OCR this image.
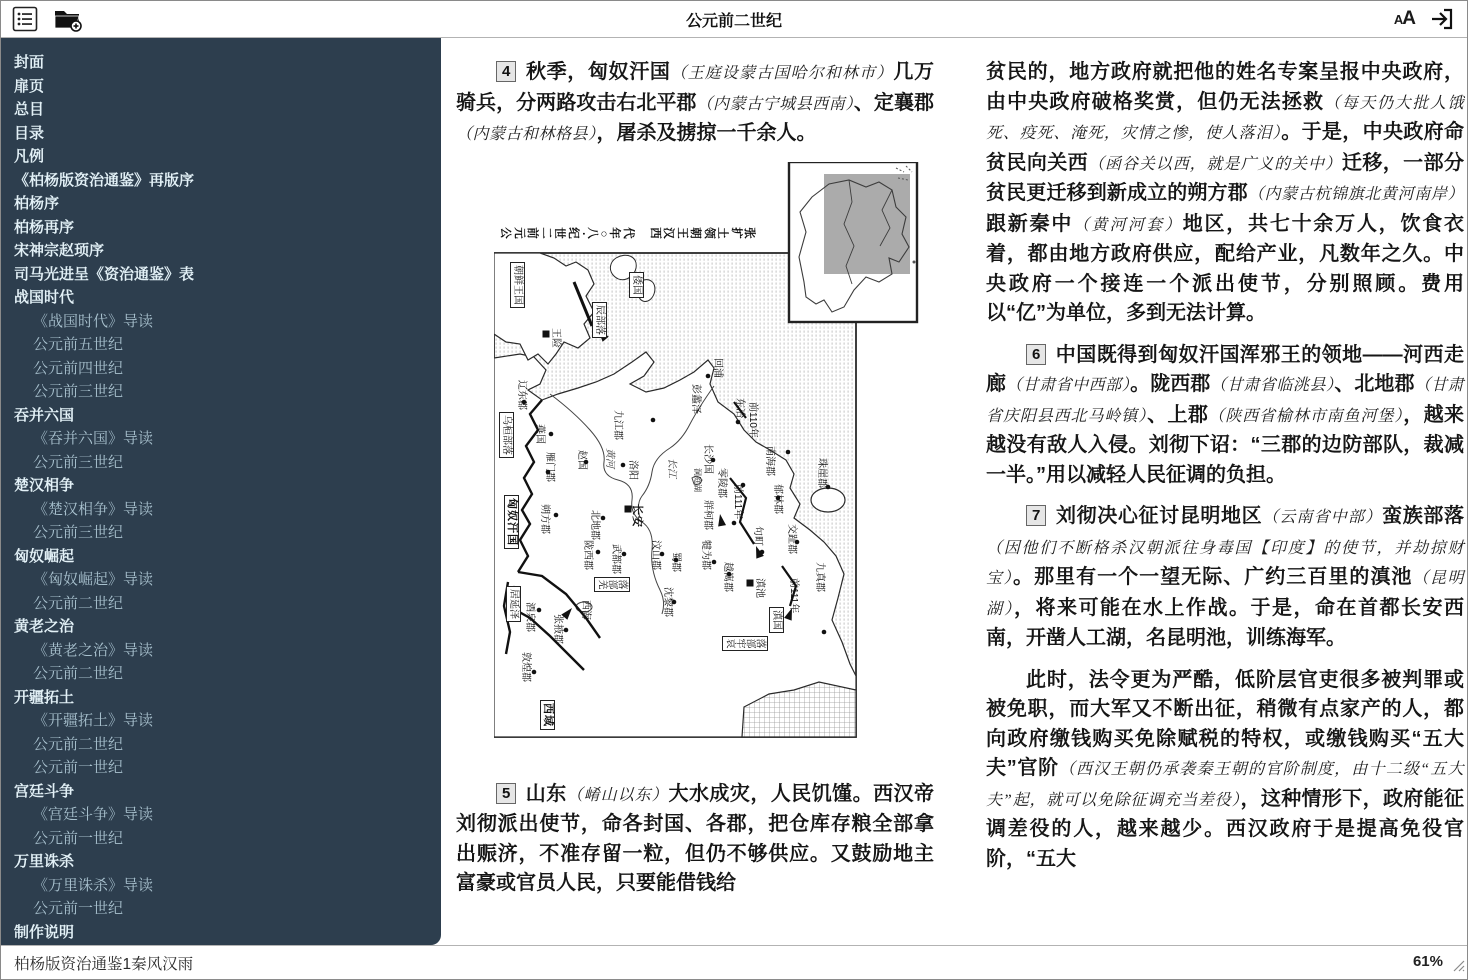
公元前二世纪	AA
封面
扉页
总目
目录
凡例
《柏杨版资治通鉴》再版序
柏杨序
柏杨再序
宋神宗赵顼序
司马光进呈《资治通鉴》表
战国时代
《战国时代》导读
公元前五世纪
公元前四世纪
公元前三世纪
吞并六国
《吞并六国》导读
公元前三世纪
楚汉相争
《楚汉相争》导读
公元前三世纪
匈奴崛起
《匈奴崛起》导读
公元前二世纪
黄老之治
《黄老之治》导读
公元前二世纪
开疆拓土
《开疆拓土》导读
公元前二世纪
公元前一世纪
宫廷斗争
《宫廷斗争》导读
公元前一世纪
万里诛杀
《万里诛杀》导读
公元前一世纪
制作说明

4 秋季，匈奴汗国（王庭设蒙古国哈尔和林市）几万骑兵，分两路攻击右北平郡（内蒙古宁城县西南）、定襄郡（内蒙古和林格县），屠杀及掳掠一千余人。

公 元 前 二 世 纪·八○年 代　 西 汉 王 朝 领 土 扩 张
朝鲜王国	倭国
辰部落
乌桓部落
匈奴汗国
居延泽
羌部落
西域
滇国
哀牢部落
王险
辽东郡
燕国
雁门郡 赵国
九江郡
洛阳
黄河	长江
长安
朔方郡	北地郡
陇西郡 武都郡	汶山郡 蜀郡 犍为郡
越嶲郡
沈黎郡
酒泉郡 张掖郡
西海
敦煌郡
回浦
彭蠡泽	东冶 前110年
长沙国
洞庭湖 零陵郡
南海郡
郁林郡
牂柯郡 前111年
珠崖郡
句町 交趾郡
前111年
九真郡
滇池

5 山东（崤山以东）大水成灾，人民饥馑。西汉帝刘彻派出使节，命各封国、各郡，把仓库存粮全部拿出赈济，不准存留一粒，但仍不够供应。又鼓励地主富豪或官员人民，只要能借钱给

贫民的，地方政府就把他的姓名专案呈报中央政府，由中央政府破格奖赏，但仍无法拯救（每天仍大批人饿死、疫死、淹死，灾情之惨，使人落泪）。于是，中央政府命贫民向关西（函谷关以西，就是广义的关中）迁移，一部分贫民更迁移到新成立的朔方郡（内蒙古杭锦旗北黄河南岸）跟新秦中（黄河河套）地区，共七十余万人，饮食衣着，都由地方政府供应，配给产业，凡数年之久。中央政府一个接连一个派出使节，分别照顾。费用以“亿”为单位，多到无法计算。

6 中国既得到匈奴汗国浑邪王的领地——河西走廊（甘肃省中西部）。陇西郡（甘肃省临洮县）、北地郡（甘肃省庆阳县西北马岭镇）、上郡（陕西省榆林市南鱼河堡），越来越没有敌人入侵。刘彻下诏：“三郡的边防部队，裁减一半。”用以减轻人民征调的负担。

7 刘彻决心征讨昆明地区（云南省中部）蛮族部落（因他们不断格杀汉朝派往身毒国【印度】的使节，并劫掠财宝）。那里有一个一望无际、广约三百里的滇池（昆明湖），将来可能在水上作战。于是，命在首都长安西南，开凿人工湖，名昆明池，训练海军。

此时，法令更为严酷，低阶层官吏很多被判罪或被免职，而大军又不断出征，稍微有点家产的人，都向政府缴钱购买免除赋税的特权，或缴钱购买“五大夫”官阶（西汉王朝仍承袭秦王朝的官阶制度，由十二级“五大夫”起，就可以免除征调充当差役），这种情形下，政府能征调差役的人，越来越少。西汉政府于是提高免役官阶，“五大

柏杨版资治通鉴1秦风汉雨	61%
